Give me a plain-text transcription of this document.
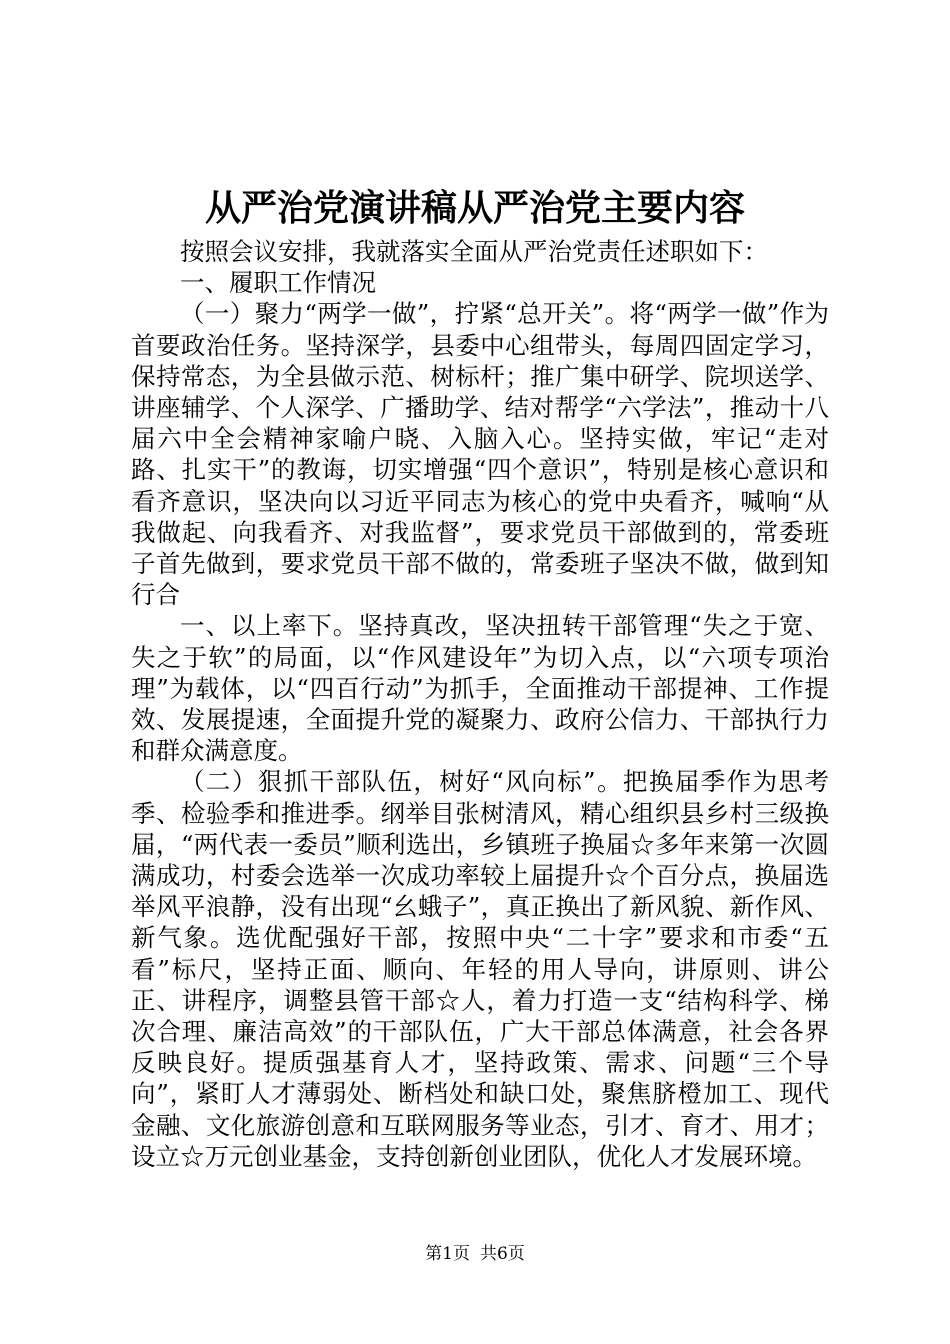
从严治党演讲稿从严治党主要内容

按照会议安排，我就落实全面从严治党责任述职如下：

一、履职工作情况

（一）聚力“两学一做”，拧紧“总开关”。将“两学一做”作为首要政治任务。坚持深学，县委中心组带头，每周四固定学习，保持常态，为全县做示范、树标杆；推广集中研学、院坝送学、讲座辅学、个人深学、广播助学、结对帮学“六学法”，推动十八届六中全会精神家喻户晓、入脑入心。坚持实做，牢记“走对路、扎实干”的教诲，切实增强“四个意识”，特别是核心意识和看齐意识，坚决向以习近平同志为核心的党中央看齐，喊响“从我做起、向我看齐、对我监督”，要求党员干部做到的，常委班子首先做到，要求党员干部不做的，常委班子坚决不做，做到知行合

一、以上率下。坚持真改，坚决扭转干部管理“失之于宽、失之于软”的局面，以“作风建设年”为切入点，以“六项专项治理”为载体，以“四百行动”为抓手，全面推动干部提神、工作提效、发展提速，全面提升党的凝聚力、政府公信力、干部执行力和群众满意度。

（二）狠抓干部队伍，树好“风向标”。把换届季作为思考季、检验季和推进季。纲举目张树清风，精心组织县乡村三级换届，“两代表一委员”顺利选出，乡镇班子换届☆多年来第一次圆满成功，村委会选举一次成功率较上届提升☆个百分点，换届选举风平浪静，没有出现“幺蛾子”，真正换出了新风貌、新作风、新气象。选优配强好干部，按照中央“二十字”要求和市委“五看”标尺，坚持正面、顺向、年轻的用人导向，讲原则、讲公正、讲程序，调整县管干部☆人，着力打造一支“结构科学、梯次合理、廉洁高效”的干部队伍，广大干部总体满意，社会各界反映良好。提质强基育人才，坚持政策、需求、问题“三个导向”，紧盯人才薄弱处、断档处和缺口处，聚焦脐橙加工、现代金融、文化旅游创意和互联网服务等业态，引才、育才、用才；设立☆万元创业基金，支持创新创业团队，优化人才发展环境。

第1页 共6页
